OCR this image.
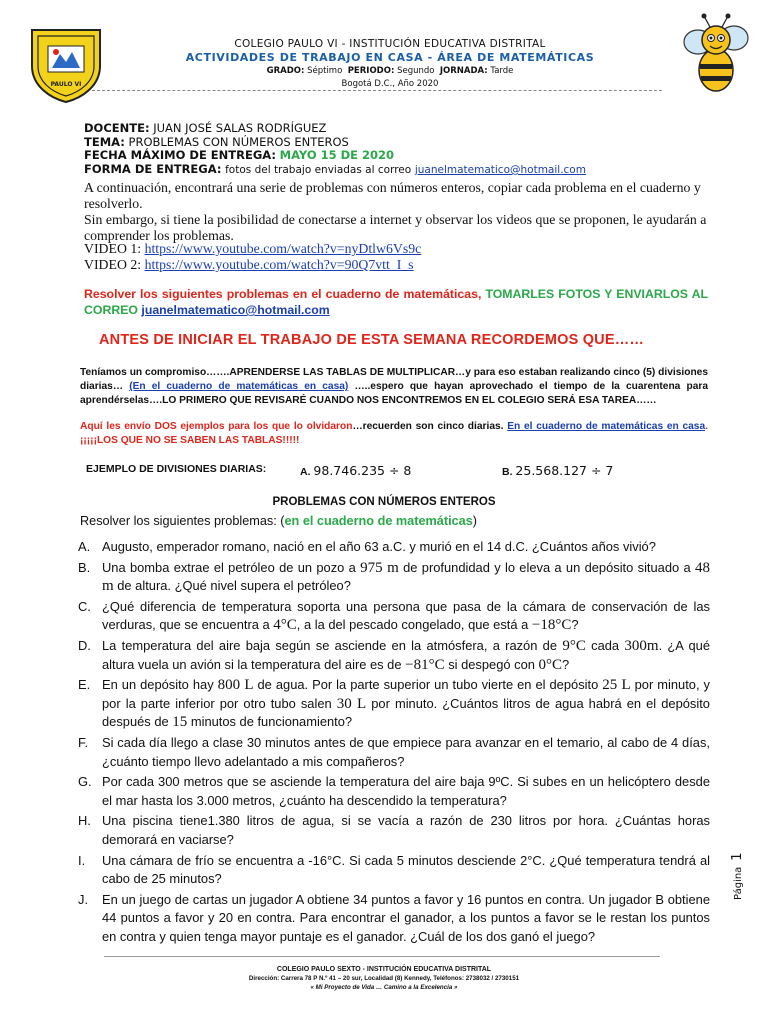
PAULO VI
COLEGIO PAULO VI - INSTITUCIÓN EDUCATIVA DISTRITAL
ACTIVIDADES DE TRABAJO EN CASA - ÁREA DE MATEMÁTICAS
GRADO: Séptimo PERIODO: Segundo JORNADA: Tarde
Bogotá D.C., Año 2020
DOCENTE: JUAN JOSÉ SALAS RODRÍGUEZ
TEMA: PROBLEMAS CON NÚMEROS ENTEROS
FECHA MÁXIMO DE ENTREGA: MAYO 15 DE 2020
FORMA DE ENTREGA: fotos del trabajo enviadas al correo juanelmatematico@hotmail.com
A continuación, encontrará una serie de problemas con números enteros, copiar cada problema en el cuaderno y resolverlo.
Sin embargo, si tiene la posibilidad de conectarse a internet y observar los videos que se proponen, le ayudarán a comprender los problemas.
VIDEO 1: https://www.youtube.com/watch?v=nyDtlw6Vs9c
VIDEO 2: https://www.youtube.com/watch?v=90Q7vtt_I_s
Resolver los siguientes problemas en el cuaderno de matemáticas, TOMARLES FOTOS Y ENVIARLOS AL CORREO juanelmatematico@hotmail.com
ANTES DE INICIAR EL TRABAJO DE ESTA SEMANA RECORDEMOS QUE……
Teníamos un compromiso…….APRENDERSE LAS TABLAS DE MULTIPLICAR…y para eso estaban realizando cinco (5) divisiones diarias… (En el cuaderno de matemáticas en casa) …..espero que hayan aprovechado el tiempo de la cuarentena para aprendérselas….LO PRIMERO QUE REVISARÉ CUANDO NOS ENCONTREMOS EN EL COLEGIO SERÁ ESA TAREA……
Aquí les envío DOS ejemplos para los que lo olvidaron…recuerden son cinco diarias. En el cuaderno de matemáticas en casa. ¡¡¡¡¡LOS QUE NO SE SABEN LAS TABLAS!!!!!
EJEMPLO DE DIVISIONES DIARIAS:	A. 98.746.235 ÷ 8	B. 25.568.127 ÷ 7
PROBLEMAS CON NÚMEROS ENTEROS
Resolver los siguientes problemas: (en el cuaderno de matemáticas)
A. Augusto, emperador romano, nació en el año 63 a.C. y murió en el 14 d.C. ¿Cuántos años vivió?
B. Una bomba extrae el petróleo de un pozo a 975 m de profundidad y lo eleva a un depósito situado a 48 m de altura. ¿Qué nivel supera el petróleo?
C. ¿Qué diferencia de temperatura soporta una persona que pasa de la cámara de conservación de las verduras, que se encuentra a 4°C, a la del pescado congelado, que está a −18°C?
D. La temperatura del aire baja según se asciende en la atmósfera, a razón de 9°C cada 300m. ¿A qué altura vuela un avión si la temperatura del aire es de −81°C si despegó con 0°C?
E. En un depósito hay 800 L de agua. Por la parte superior un tubo vierte en el depósito 25 L por minuto, y por la parte inferior por otro tubo salen 30 L por minuto. ¿Cuántos litros de agua habrá en el depósito después de 15 minutos de funcionamiento?
F. Si cada día llego a clase 30 minutos antes de que empiece para avanzar en el temario, al cabo de 4 días, ¿cuánto tiempo llevo adelantado a mis compañeros?
G. Por cada 300 metros que se asciende la temperatura del aire baja 9ºC. Si subes en un helicóptero desde el mar hasta los 3.000 metros, ¿cuánto ha descendido la temperatura?
H. Una piscina tiene1.380 litros de agua, si se vacía a razón de 230 litros por hora. ¿Cuántas horas demorará en vaciarse?
I. Una cámara de frío se encuentra a -16°C. Si cada 5 minutos desciende 2°C. ¿Qué temperatura tendrá al cabo de 25 minutos?
J. En un juego de cartas un jugador A obtiene 34 puntos a favor y 16 puntos en contra. Un jugador B obtiene 44 puntos a favor y 20 en contra. Para encontrar el ganador, a los puntos a favor se le restan los puntos en contra y quien tenga mayor puntaje es el ganador. ¿Cuál de los dos ganó el juego?
Página1
COLEGIO PAULO SEXTO - INSTITUCIÓN EDUCATIVA DISTRITAL
Dirección: Carrera 78 P N.º 41 – 20 sur, Localidad (8) Kennedy, Teléfonos: 2738032 / 2730151
« Mi Proyecto de Vida … Camino a la Excelencia »
